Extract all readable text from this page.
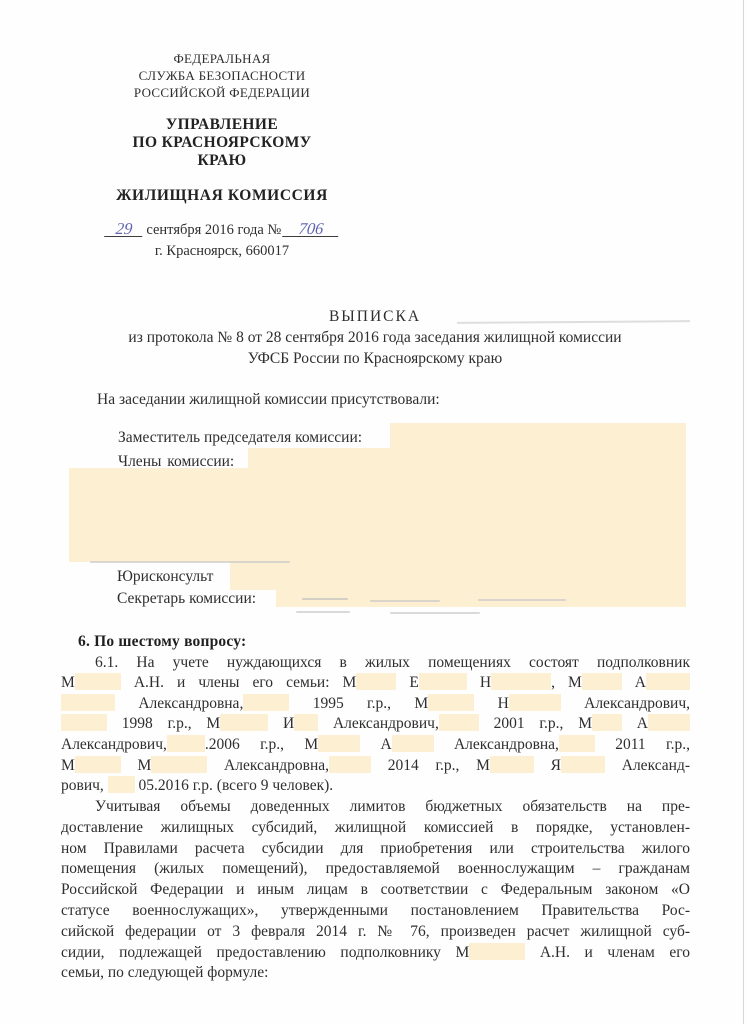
ФЕДЕРАЛЬНАЯ
СЛУЖБА БЕЗОПАСНОСТИ
РОССИЙСКОЙ ФЕДЕРАЦИИ
УПРАВЛЕНИЕ
ПО КРАСНОЯРСКОМУ
КРАЮ
ЖИЛИЩНАЯ КОМИССИЯ
29 сентября 2016 года № 706
г. Красноярск, 660017
ВЫПИСКА
из протокола № 8 от 28 сентября 2016 года заседания жилищной комиссии
УФСБ России по Красноярскому краю
На заседании жилищной комиссии присутствовали:
Заместитель председателя комиссии:
Члены комиссии:
Юрисконсульт
Секретарь комиссии:
6. По шестому вопросу:
6.1. На учете нуждающихся в жилых помещениях состоят подполковник
М	А.Н. и члены его семьи: М	Е	Н	, М	А
Александровна,	1995 г.р., М	Н	Александрович,
1998 г.р., М	И Александрович,	2001 г.р., М А
Александрович, .2006 г.р., М	А	Александровна, 2011 г.р.,
М	М	Александровна,	2014 г.р., М	Я	Александ-
рович,  05.2016 г.р. (всего 9 человек).
Учитывая объемы доведенных лимитов бюджетных обязательств на пре-
доставление жилищных субсидий, жилищной комиссией в порядке, установлен-
ном Правилами расчета субсидии для приобретения или строительства жилого
помещения (жилых помещений), предоставляемой военнослужащим – гражданам
Российской Федерации и иным лицам в соответствии с Федеральным законом «О
статусе военнослужащих», утвержденными постановлением Правительства Рос-
сийской федерации от 3 февраля 2014 г. № 76, произведен расчет жилищной суб-
сидии, подлежащей предоставлению подполковнику М	А.Н. и членам его
семьи, по следующей формуле:
